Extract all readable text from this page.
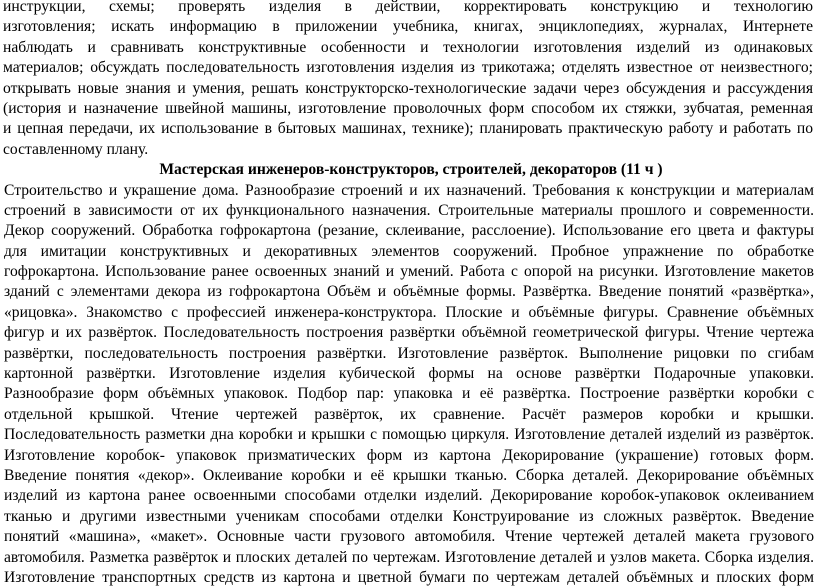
инструкции, схемы; проверять изделия в действии, корректировать конструкцию и технологию
изготовления; искать информацию в приложении учебника, книгах, энциклопедиях, журналах, Интернете
наблюдать и сравнивать конструктивные особенности и технологии изготовления изделий из одинаковых
материалов; обсуждать последовательность изготовления изделия из трикотажа; отделять известное от неизвестного;
открывать новые знания и умения, решать конструкторско-технологические задачи через обсуждения и рассуждения
(история и назначение швейной машины, изготовление проволочных форм способом их стяжки, зубчатая, ременная
и цепная передачи, их использование в бытовых машинах, технике); планировать практическую работу и работать по
составленному плану.
Мастерская инженеров-конструкторов, строителей, декораторов (11 ч )
Строительство и украшение дома. Разнообразие строений и их назначений. Требования к конструкции и материалам
строений в зависимости от их функционального назначения. Строительные материалы прошлого и современности.
Декор сооружений. Обработка гофрокартона (резание, склеивание, расслоение). Использование его цвета и фактуры
для имитации конструктивных и декоративных элементов сооружений. Пробное упражнение по обработке
гофрокартона. Использование ранее освоенных знаний и умений. Работа с опорой на рисунки. Изготовление макетов
зданий с элементами декора из гофрокартона Объём и объёмные формы. Развёртка. Введение понятий «развёртка»,
«рицовка». Знакомство с профессией инженера-конструктора. Плоские и объёмные фигуры. Сравнение объёмных
фигур и их развёрток. Последовательность построения развёртки объёмной геометрической фигуры. Чтение чертежа
развёртки, последовательность построения развёртки. Изготовление развёрток. Выполнение рицовки по сгибам
картонной развёртки. Изготовление изделия кубической формы на основе развёртки Подарочные упаковки.
Разнообразие форм объёмных упаковок. Подбор пар: упаковка и её развёртка. Построение развёртки коробки с
отдельной крышкой. Чтение чертежей развёрток, их сравнение. Расчёт размеров коробки и крышки.
Последовательность разметки дна коробки и крышки с помощью циркуля. Изготовление деталей изделий из развёрток.
Изготовление коробок- упаковок призматических форм из картона Декорирование (украшение) готовых форм.
Введение понятия «декор». Оклеивание коробки и её крышки тканью. Сборка деталей. Декорирование объёмных
изделий из картона ранее освоенными способами отделки изделий. Декорирование коробок-упаковок оклеиванием
тканью и другими известными ученикам способами отделки Конструирование из сложных развёрток. Введение
понятий «машина», «макет». Основные части грузового автомобиля. Чтение чертежей деталей макета грузового
автомобиля. Разметка развёрток и плоских деталей по чертежам. Изготовление деталей и узлов макета. Сборка изделия.
Изготовление транспортных средств из картона и цветной бумаги по чертежам деталей объёмных и плоских форм
